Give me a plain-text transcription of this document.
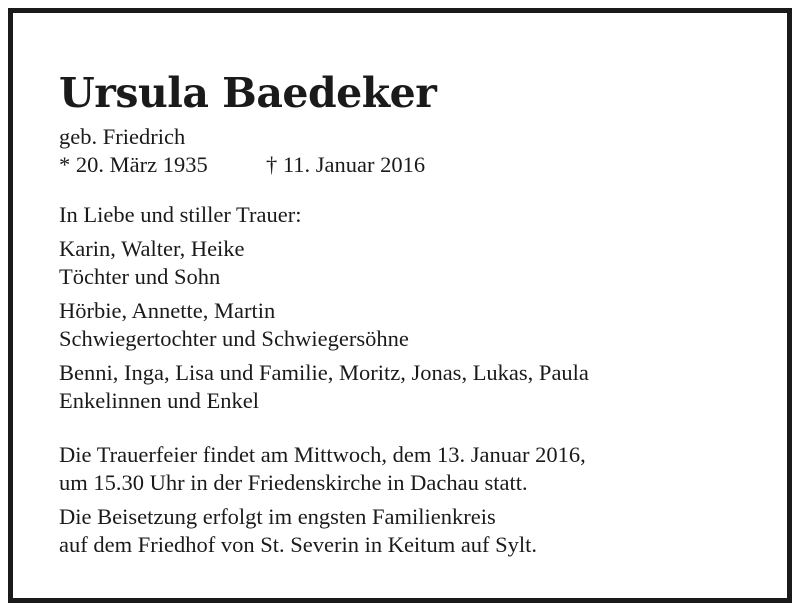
Ursula Baedeker
geb. Friedrich
* 20. März 1935	† 11. Januar 2016
In Liebe und stiller Trauer:
Karin, Walter, Heike
Töchter und Sohn
Hörbie, Annette, Martin
Schwiegertochter und Schwiegersöhne
Benni, Inga, Lisa und Familie, Moritz, Jonas, Lukas, Paula
Enkelinnen und Enkel
Die Trauerfeier findet am Mittwoch, dem 13. Januar 2016,
um 15.30 Uhr in der Friedenskirche in Dachau statt.
Die Beisetzung erfolgt im engsten Familienkreis
auf dem Friedhof von St. Severin in Keitum auf Sylt.
